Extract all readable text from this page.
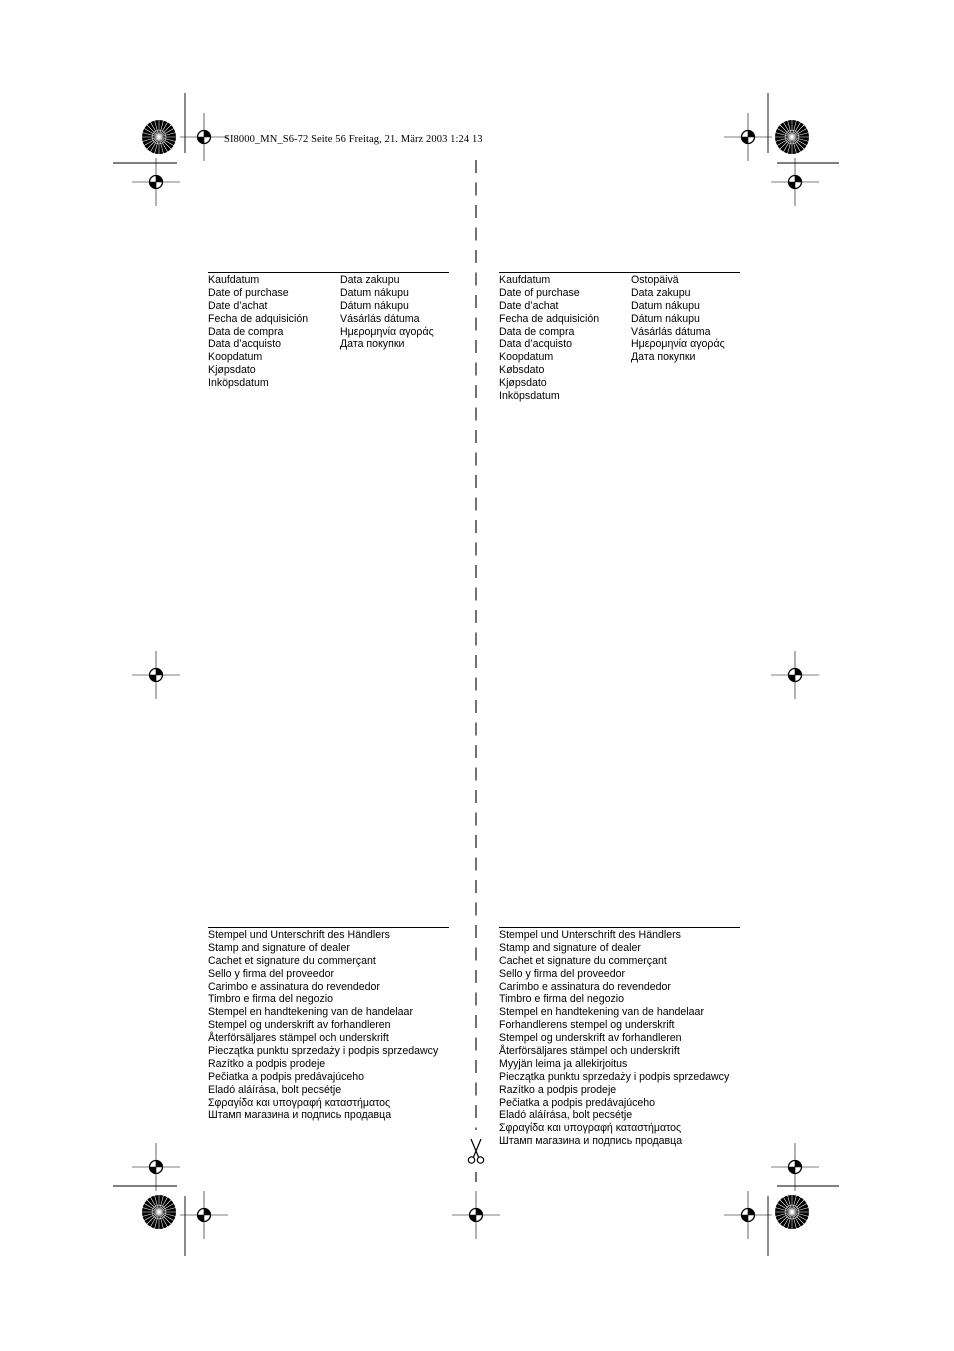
SI8000_MN_S6-72 Seite 56 Freitag, 21. März 2003 1:24 13
Kaufdatum
Date of purchase
Date d’achat
Fecha de adquisición
Data de compra
Data d’acquisto
Koopdatum
Kjøpsdato
Inköpsdatum
Data zakupu
Datum nákupu
Dátum nákupu
Vásárlás dátuma
Ημερομηνία αγοράς
Дата покупки
Stempel und Unterschrift des Händlers
Stamp and signature of dealer
Cachet et signature du commerçant
Sello y firma del proveedor
Carimbo e assinatura do revendedor
Timbro e firma del negozio
Stempel en handtekening van de handelaar
Stempel og underskrift av forhandleren
Återförsäljares stämpel och underskrift
Pieczątka punktu sprzedaży i podpis sprzedawcy
Razítko a podpis prodeje
Pečiatka a podpis predávajúceho
Eladó aláírása, bolt pecsétje
Σφραγίδα και υπογραφή καταστήματος
Штамп магазина и подпись продавца
Kaufdatum
Date of purchase
Date d’achat
Fecha de adquisición
Data de compra
Data d’acquisto
Koopdatum
Købsdato
Kjøpsdato
Inköpsdatum
Ostopäivä
Data zakupu
Datum nákupu
Dátum nákupu
Vásárlás dátuma
Ημερομηνία αγοράς
Дата покупки
Stempel und Unterschrift des Händlers
Stamp and signature of dealer
Cachet et signature du commerçant
Sello y firma del proveedor
Carimbo e assinatura do revendedor
Timbro e firma del negozio
Stempel en handtekening van de handelaar
Forhandlerens stempel og underskrift
Stempel og underskrift av forhandleren
Återförsäljares stämpel och underskrift
Myyjän leima ja allekirjoitus
Pieczątka punktu sprzedaży i podpis sprzedawcy
Razítko a podpis prodeje
Pečiatka a podpis predávajúceho
Eladó aláírása, bolt pecsétje
Σφραγίδα και υπογραφή καταστήματος
Штамп магазина и подпись продавца
